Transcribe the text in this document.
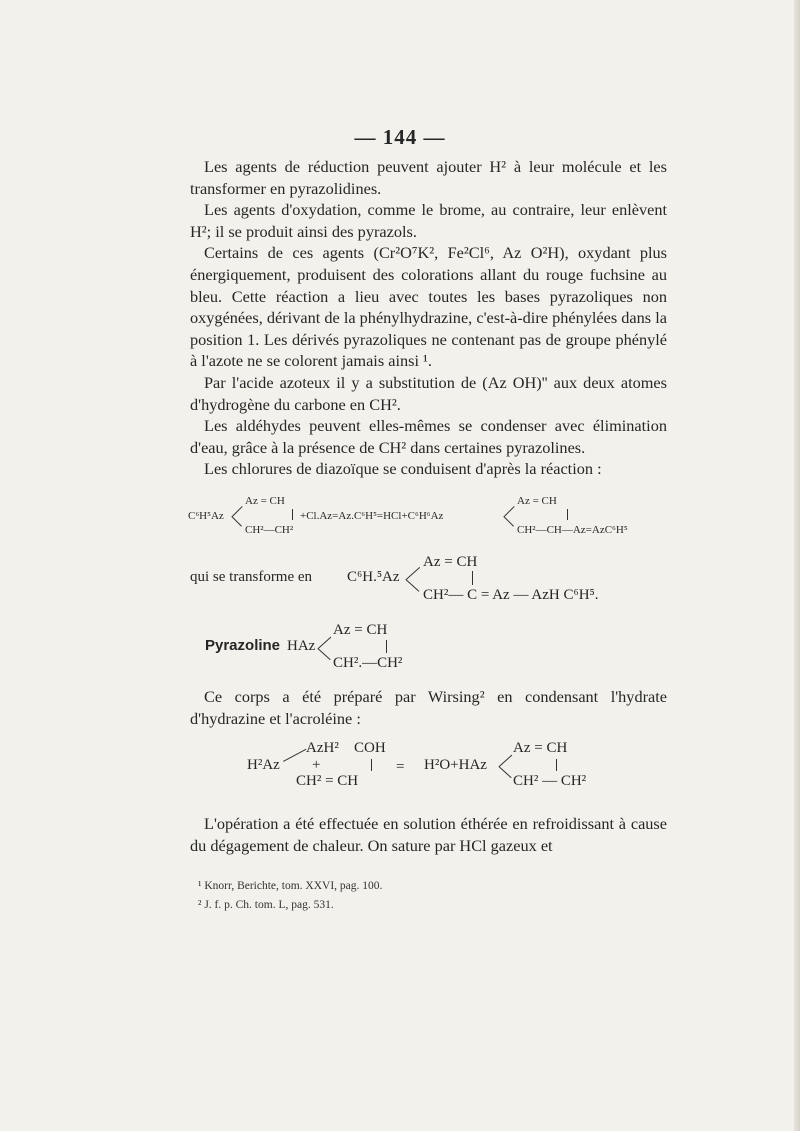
— 144 —

Les agents de réduction peuvent ajouter H² à leur molécule et les transformer en pyrazolidines.

Les agents d'oxydation, comme le brome, au contraire, leur enlèvent H²; il se produit ainsi des pyrazols.

Certains de ces agents (Cr²O⁷K², Fe²Cl⁶, Az O²H), oxydant plus énergiquement, produisent des colorations allant du rouge fuchsine au bleu. Cette réaction a lieu avec toutes les bases pyrazoliques non oxygénées, dérivant de la phénylhydrazine, c'est-à-dire phénylées dans la position 1. Les dérivés pyrazoliques ne contenant pas de groupe phénylé à l'azote ne se colorent jamais ainsi ¹.

Par l'acide azoteux il y a substitution de (Az OH)'' aux deux atomes d'hydrogène du carbone en CH².

Les aldéhydes peuvent elles-mêmes se condenser avec élimination d'eau, grâce à la présence de CH² dans certaines pyrazolines.

Les chlorures de diazoïque se conduisent d'après la réaction :

C⁶H⁵Az
Az = CH
CH²—CH²
+Cl.Az=Az.C⁶H⁵=HCl+C⁶H⁶Az
Az = CH
CH²—CH—Az=AzC⁶H⁵
qui se transforme en C⁶H.⁵Az
Az = CH
CH²— C = Az — AzH C⁶H⁵.
Pyrazoline HAz
Az = CH
CH².—CH²

Ce corps a été préparé par Wirsing² en condensant l'hydrate d'hydrazine et l'acroléine :

H²Az
AzH²
+
CH² = CH
COH
= H²O+HAz
Az = CH
CH² — CH²

L'opération a été effectuée en solution éthérée en refroidissant à cause du dégagement de chaleur. On sature par HCl gazeux et

¹ Knorr, Berichte, tom. XXVI, pag. 100.
² J. f. p. Ch. tom. L, pag. 531.
